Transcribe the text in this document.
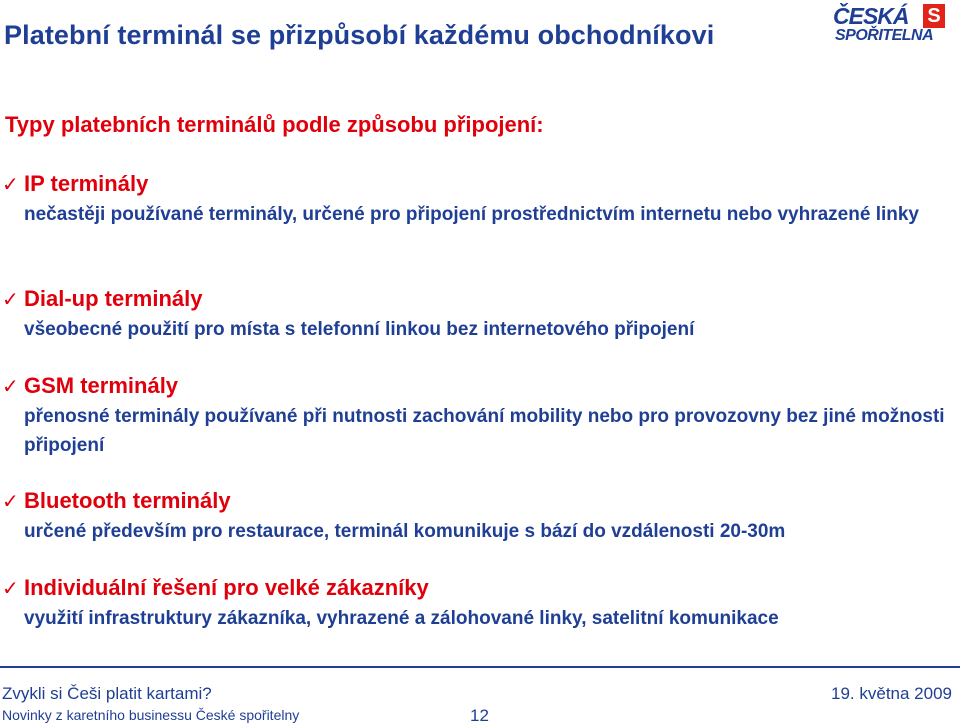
Platební terminál se přizpůsobí každému obchodníkovi
ČESKÁ S
SPOŘITELNA
Typy platebních terminálů podle způsobu připojení:
✓ IP terminály
nečastěji používané terminály, určené pro připojení prostřednictvím internetu nebo vyhrazené linky
✓ Dial-up terminály
všeobecné použití pro místa s telefonní linkou bez internetového připojení
✓ GSM terminály
přenosné terminály používané při nutnosti zachování mobility nebo pro provozovny bez jiné možnosti připojení
✓ Bluetooth terminály
určené především pro restaurace, terminál komunikuje s bází do vzdálenosti 20-30m
✓ Individuální řešení pro velké zákazníky
využití infrastruktury zákazníka, vyhrazené a zálohované linky, satelitní komunikace
Zvykli si Češi platit kartami?	19. května 2009
Novinky z karetního businessu České spořitelny	12
